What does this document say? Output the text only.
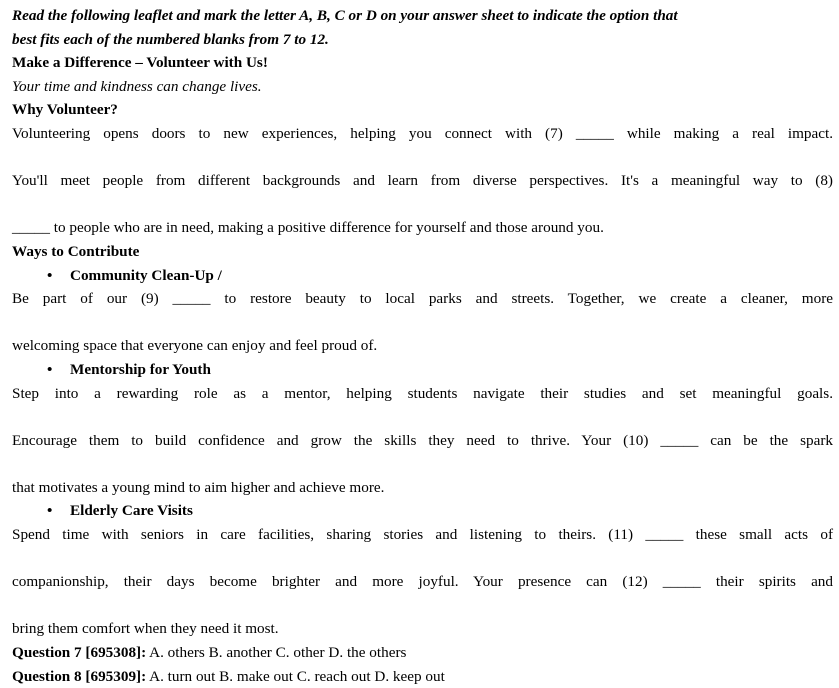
Read the following leaflet and mark the letter A, B, C or D on your answer sheet to indicate the option that
best fits each of the numbered blanks from 7 to 12.
Make a Difference – Volunteer with Us!
Your time and kindness can change lives.
Why Volunteer?
Volunteering opens doors to new experiences, helping you connect with (7) _____ while making a real impact.
You'll meet people from different backgrounds and learn from diverse perspectives. It's a meaningful way to (8)
_____ to people who are in need, making a positive difference for yourself and those around you.
Ways to Contribute
• Community Clean-Up /
Be part of our (9) _____ to restore beauty to local parks and streets. Together, we create a cleaner, more
welcoming space that everyone can enjoy and feel proud of.
• Mentorship for Youth
Step into a rewarding role as a mentor, helping students navigate their studies and set meaningful goals.
Encourage them to build confidence and grow the skills they need to thrive. Your (10) _____ can be the spark
that motivates a young mind to aim higher and achieve more.
• Elderly Care Visits
Spend time with seniors in care facilities, sharing stories and listening to theirs. (11) _____ these small acts of
companionship, their days become brighter and more joyful. Your presence can (12) _____ their spirits and
bring them comfort when they need it most.
Question 7 [695308]: A. others B. another C. other D. the others
Question 8 [695309]: A. turn out B. make out C. reach out D. keep out
